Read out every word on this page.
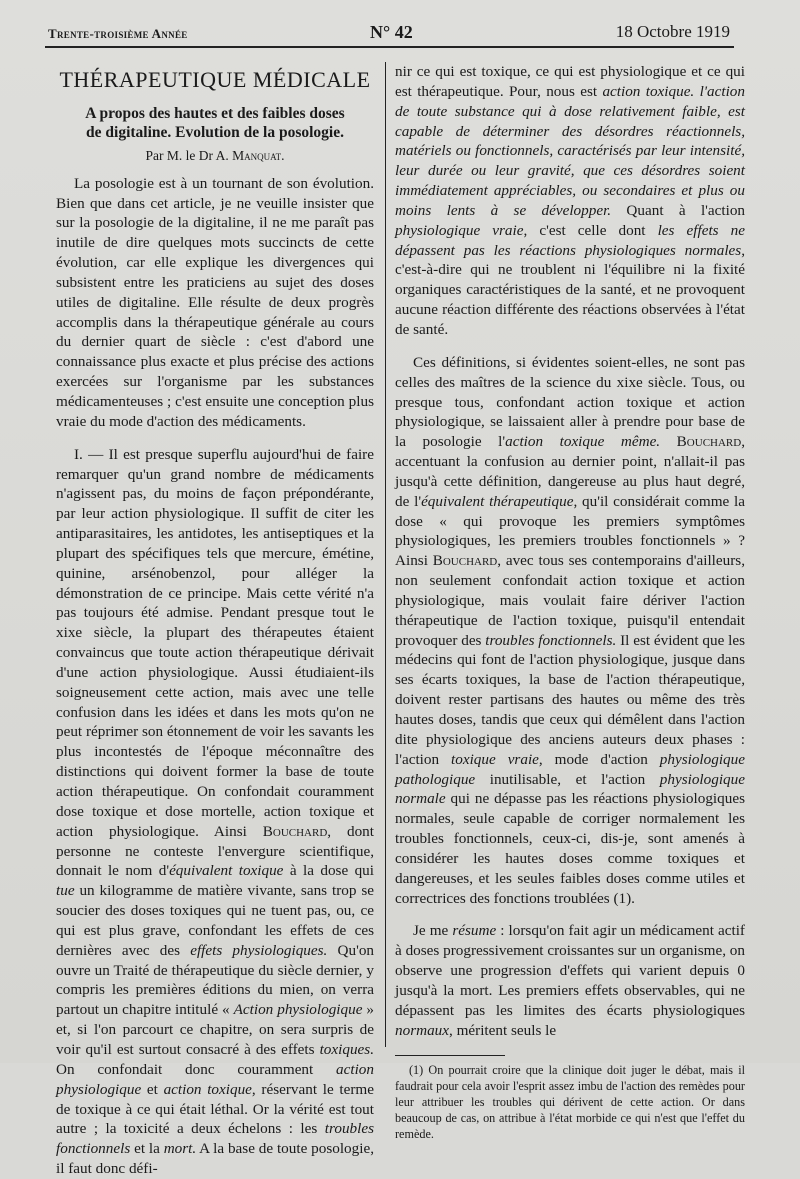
Trente-troisième Année	N° 42	18 Octobre 1919
THÉRAPEUTIQUE MÉDICALE
A propos des hautes et des faibles doses
de digitaline. Evolution de la posologie.
Par M. le Dr A. Manquat.

La posologie est à un tournant de son évolution. Bien que dans cet article, je ne veuille insister que sur la posologie de la digitaline, il ne me paraît pas inutile de dire quelques mots succincts de cette évolution, car elle explique les divergences qui subsistent entre les praticiens au sujet des doses utiles de digitaline. Elle résulte de deux progrès accomplis dans la thérapeutique générale au cours du dernier quart de siècle : c'est d'abord une connaissance plus exacte et plus précise des actions exercées sur l'organisme par les substances médicamenteuses ; c'est ensuite une conception plus vraie du mode d'action des médicaments.

I. — Il est presque superflu aujourd'hui de faire remarquer qu'un grand nombre de médicaments n'agissent pas, du moins de façon prépondérante, par leur action physiologique. Il suffit de citer les antiparasitaires, les antidotes, les antiseptiques et la plupart des spécifiques tels que mercure, émétine, quinine, arsénobenzol, pour alléger la démonstration de ce principe. Mais cette vérité n'a pas toujours été admise. Pendant presque tout le xixe siècle, la plupart des thérapeutes étaient convaincus que toute action thérapeutique dérivait d'une action physiologique. Aussi étudiaient-ils soigneusement cette action, mais avec une telle confusion dans les idées et dans les mots qu'on ne peut réprimer son étonnement de voir les savants les plus incontestés de l'époque méconnaître des distinctions qui doivent former la base de toute action thérapeutique. On confondait couramment dose toxique et dose mortelle, action toxique et action physiologique. Ainsi Bouchard, dont personne ne conteste l'envergure scientifique, donnait le nom d'équivalent toxique à la dose qui tue un kilogramme de matière vivante, sans trop se soucier des doses toxiques qui ne tuent pas, ou, ce qui est plus grave, confondant les effets de ces dernières avec des effets physiologiques. Qu'on ouvre un Traité de thérapeutique du siècle dernier, y compris les premières éditions du mien, on verra partout un chapitre intitulé « Action physiologique » et, si l'on parcourt ce chapitre, on sera surpris de voir qu'il est surtout consacré à des effets toxiques. On confondait donc couramment action physiologique et action toxique, réservant le terme de toxique à ce qui était léthal. Or la vérité est tout autre ; la toxicité a deux échelons : les troubles fonctionnels et la mort. A la base de toute posologie, il faut donc défi-

nir ce qui est toxique, ce qui est physiologique et ce qui est thérapeutique. Pour, nous est action toxique. l'action de toute substance qui à dose relativement faible, est capable de déterminer des désordres réactionnels, matériels ou fonctionnels, caractérisés par leur intensité, leur durée ou leur gravité, que ces désordres soient immédiatement appréciables, ou secondaires et plus ou moins lents à se développer. Quant à l'action physiologique vraie, c'est celle dont les effets ne dépassent pas les réactions physiologiques normales, c'est-à-dire qui ne troublent ni l'équilibre ni la fixité organiques caractéristiques de la santé, et ne provoquent aucune réaction différente des réactions observées à l'état de santé.

Ces définitions, si évidentes soient-elles, ne sont pas celles des maîtres de la science du xixe siècle. Tous, ou presque tous, confondant action toxique et action physiologique, se laissaient aller à prendre pour base de la posologie l'action toxique même. Bouchard, accentuant la confusion au dernier point, n'allait-il pas jusqu'à cette définition, dangereuse au plus haut degré, de l'équivalent thérapeutique, qu'il considérait comme la dose « qui provoque les premiers symptômes physiologiques, les premiers troubles fonctionnels » ? Ainsi Bouchard, avec tous ses contemporains d'ailleurs, non seulement confondait action toxique et action physiologique, mais voulait faire dériver l'action thérapeutique de l'action toxique, puisqu'il entendait provoquer des troubles fonctionnels. Il est évident que les médecins qui font de l'action physiologique, jusque dans ses écarts toxiques, la base de l'action thérapeutique, doivent rester partisans des hautes ou même des très hautes doses, tandis que ceux qui démêlent dans l'action dite physiologique des anciens auteurs deux phases : l'action toxique vraie, mode d'action physiologique pathologique inutilisable, et l'action physiologique normale qui ne dépasse pas les réactions physiologiques normales, seule capable de corriger normalement les troubles fonctionnels, ceux-ci, dis-je, sont amenés à considérer les hautes doses comme toxiques et dangereuses, et les seules faibles doses comme utiles et correctrices des fonctions troublées (1).

Je me résume : lorsqu'on fait agir un médicament actif à doses progressivement croissantes sur un organisme, on observe une progression d'effets qui varient depuis 0 jusqu'à la mort. Les premiers effets observables, qui ne dépassent pas les limites des écarts physiologiques normaux, méritent seuls le

(1) On pourrait croire que la clinique doit juger le débat, mais il faudrait pour cela avoir l'esprit assez imbu de l'action des remèdes pour leur attribuer les troubles qui dérivent de cette action. Or dans beaucoup de cas, on attribue à l'état morbide ce qui n'est que l'effet du remède.
